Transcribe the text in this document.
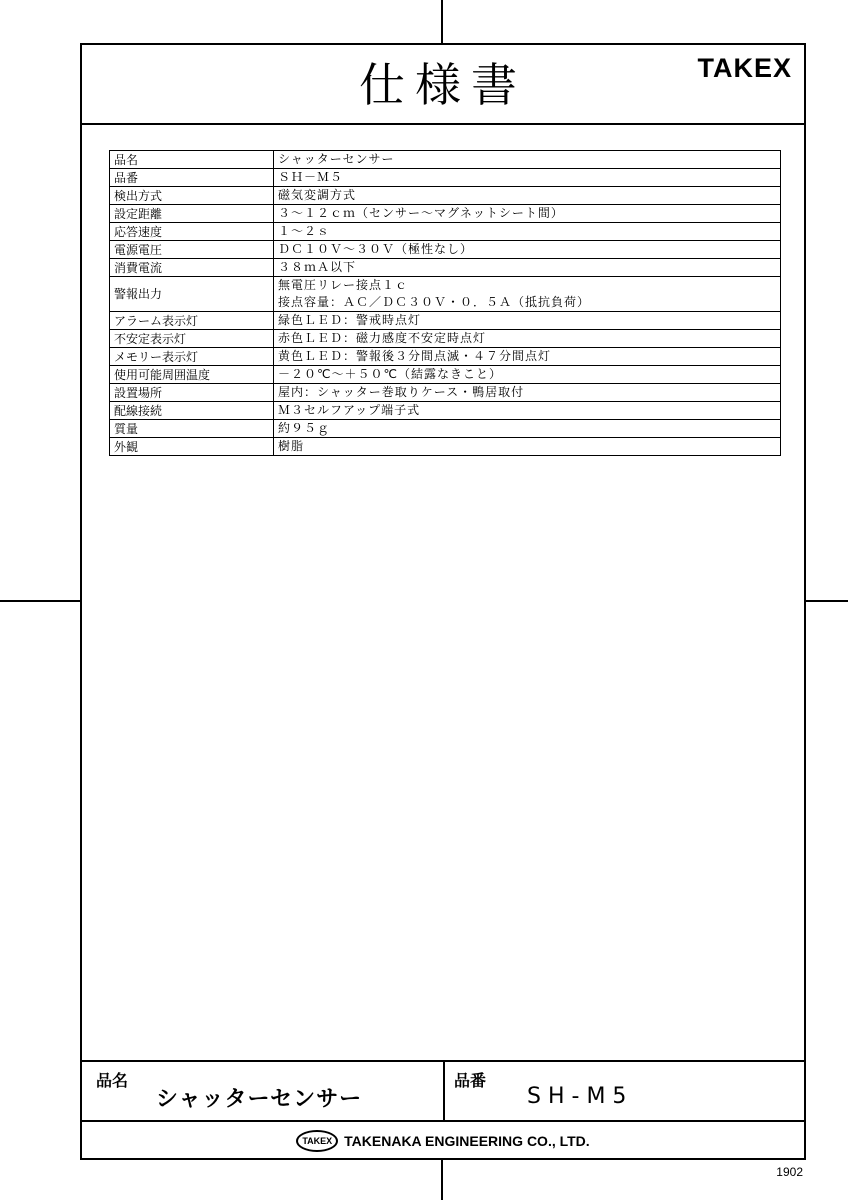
仕様書	TAKEX
品名	シャッターセンサー

品番	ＳＨ－Ｍ５

検出方式	磁気変調方式

設定距離	３～１２ｃｍ（センサー～マグネットシート間）

応答速度	１～２ｓ

電源電圧	ＤＣ１０Ｖ～３０Ｖ（極性なし）

消費電流	３８ｍＡ以下

警報出力	無電圧リレー接点１ｃ
接点容量：ＡＣ／ＤＣ３０Ｖ・０．５Ａ（抵抗負荷）

アラーム表示灯	緑色ＬＥＤ：警戒時点灯

不安定表示灯	赤色ＬＥＤ：磁力感度不安定時点灯

メモリー表示灯	黄色ＬＥＤ：警報後３分間点滅・４７分間点灯

使用可能周囲温度	－２０℃～＋５０℃（結露なきこと）

設置場所	屋内：シャッター巻取りケース・鴨居取付

配線接続	Ｍ３セルフアップ端子式

質量	約９５ｇ

外観	樹脂
品名
シャッターセンサー
品番
SH-M5
TAKEX TAKENAKA ENGINEERING CO., LTD.
1902
